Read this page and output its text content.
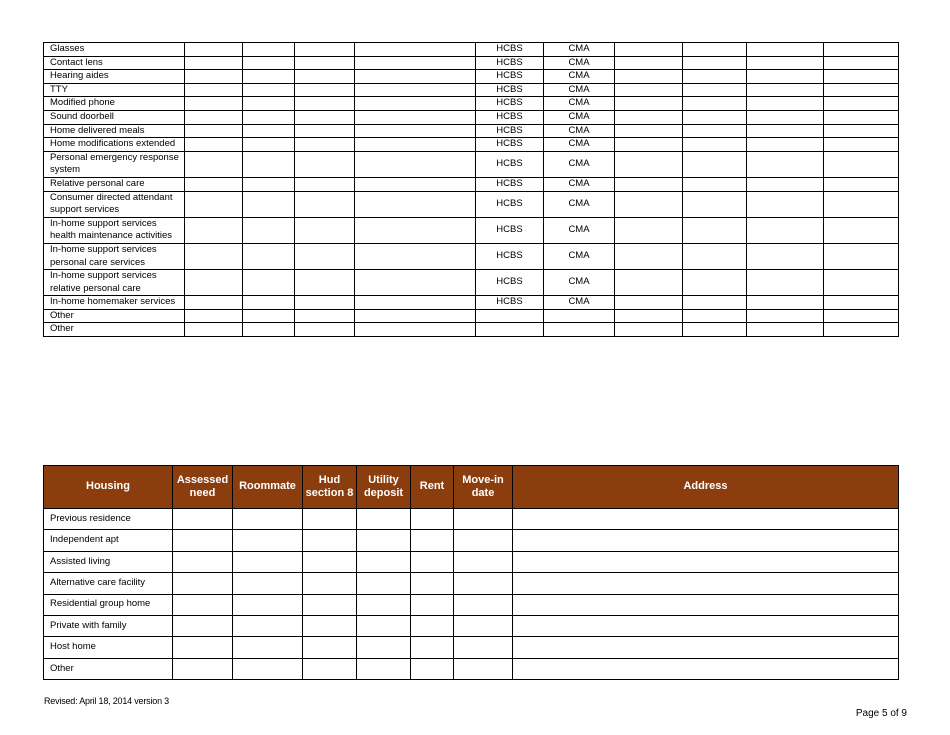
Glasses					HCBS	CMA				
Contact lens					HCBS	CMA				
Hearing aides					HCBS	CMA				
TTY					HCBS	CMA				
Modified phone					HCBS	CMA				
Sound doorbell					HCBS	CMA				
Home delivered meals					HCBS	CMA				
Home modifications extended					HCBS	CMA				
Personal emergency response system					HCBS	CMA				
Relative personal care					HCBS	CMA				
Consumer directed attendant support services					HCBS	CMA				
In-home support services health maintenance activities					HCBS	CMA				
In-home support services personal care services					HCBS	CMA				
In-home support services relative personal care					HCBS	CMA				
In-home homemaker services					HCBS	CMA				
Other										
Other										
Housing	Assessed need	Roommate	Hud section 8	Utility deposit	Rent	Move-in date	Address
Previous residence							
Independent apt							
Assisted living							
Alternative care facility							
Residential group home							
Private with family							
Host home							
Other							
Revised: April 18, 2014 version 3
Page 5 of 9
